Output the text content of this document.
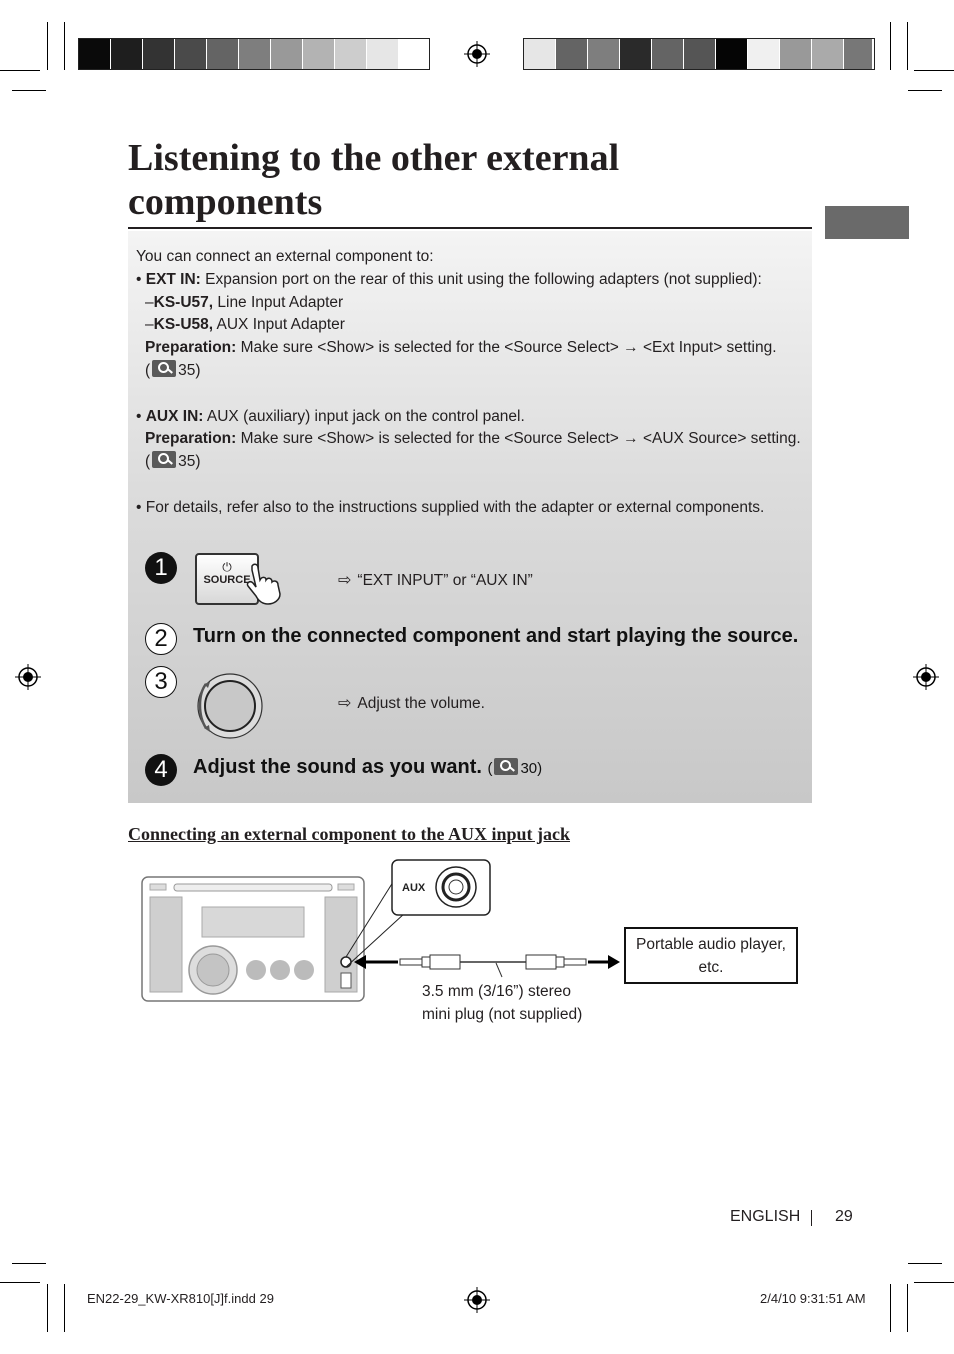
Listening to the other external
components
You can connect an external component to:
• EXT IN: Expansion port on the rear of this unit using the following adapters (not supplied):
–KS-U57, Line Input Adapter
–KS-U58, AUX Input Adapter
Preparation: Make sure <Show> is selected for the <Source Select> → <Ext Input> setting.
( 35)
• AUX IN: AUX (auxiliary) input jack on the control panel.
Preparation: Make sure <Show> is selected for the <Source Select> → <AUX Source> setting.
( 35)
• For details, refer also to the instructions supplied with the adapter or external components.
1	⏻
SOURCE	⇨ “EXT INPUT” or “AUX IN”
2	Turn on the connected component and start playing the source.
3
⇨ Adjust the volume.
4	Adjust the sound as you want. ( 30)
Connecting an external component to the AUX input jack
AUX
Portable audio player,
etc.
3.5 mm (3/16”) stereo
mini plug (not supplied)
ENGLISH 29
EN22-29_KW-XR810[J]f.indd 29	2/4/10 9:31:51 AM
